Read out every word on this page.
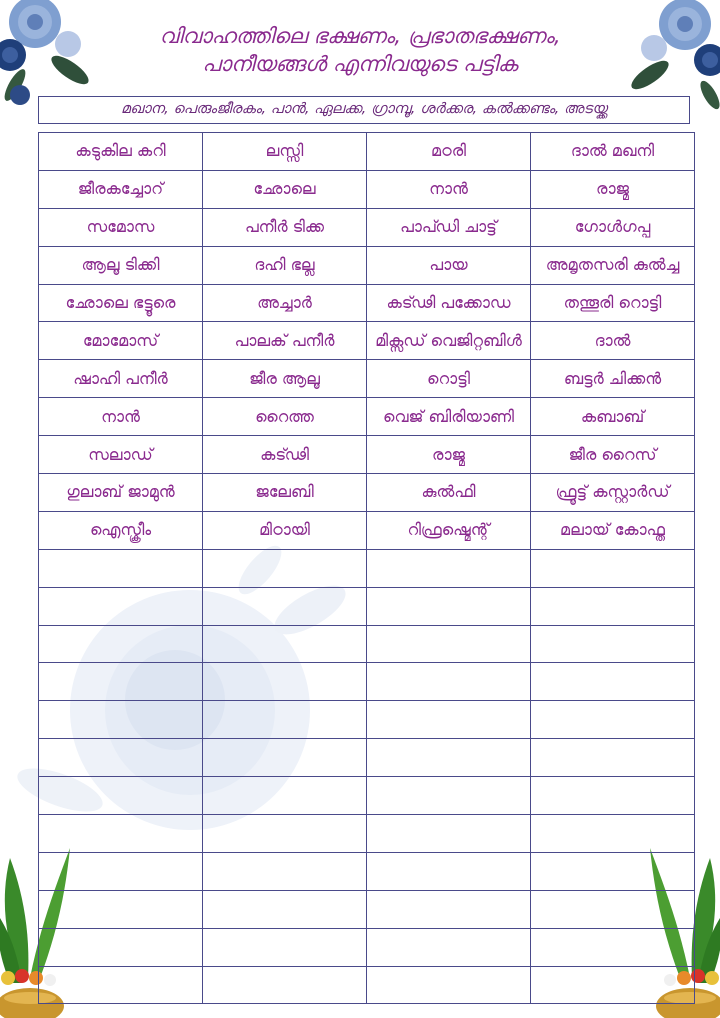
വിവാഹത്തിലെ ഭക്ഷണം, പ്രഭാതഭക്ഷണം,
പാനീയങ്ങൾ എന്നിവയുടെ പട്ടിക
മഖാന, പെരുംജീരകം, പാൻ, ഏലക്ക, ഗ്രാമ്പൂ, ശർക്കര, കൽക്കണ്ടം, അടയ്ക്ക
കടുകില കറി	ലസ്സി	മഠരി	ദാൽ മഖനി
ജീരകച്ചോറ്	ഛോലെ	നാൻ	രാജ്മ
സമോസ	പനീർ ടിക്ക	പാപ്ഡി ചാട്ട്	ഗോൾഗപ്പ
ആലൂ ടിക്കി	ദഹി ഭല്ല	പായ	അമൃതസരി കുൽച്ച
ഛോലെ ഭട്ടൂരെ	അച്ചാർ	കട്ഢി പക്കോഡ	തന്തൂരി റൊട്ടി
മോമോസ്	പാലക് പനീർ	മിക്സഡ് വെജിറ്റബിൾ	ദാൽ
ഷാഹി പനീർ	ജീര ആലൂ	റൊട്ടി	ബട്ടർ ചിക്കൻ
നാൻ	റൈത്ത	വെജ് ബിരിയാണി	കബാബ്
സലാഡ്	കട്ഢി	രാജ്മ	ജീര റൈസ്
ഗുലാബ് ജാമുൻ	ജലേബി	കുൽഫി	ഫ്രൂട്ട് കസ്റ്റാർഡ്
ഐസ്ക്രീം	മിഠായി	റിഫ്രഷ്മെന്റ്	മലായ് കോഫ്ത
